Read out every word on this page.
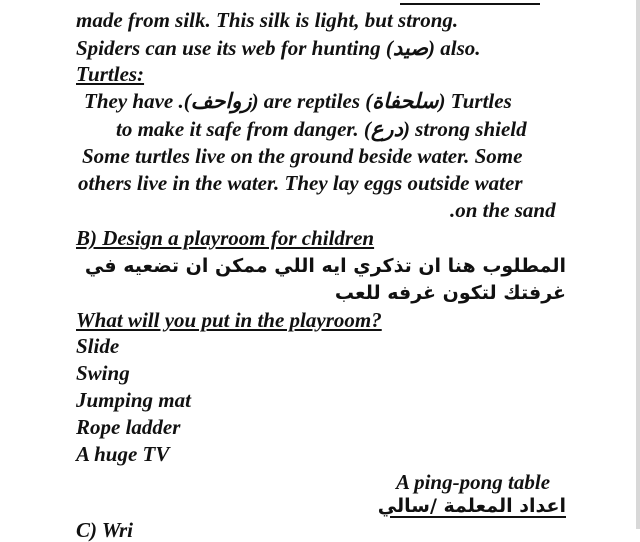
made from silk. This silk is light, but strong.
Spiders can use its web for hunting (صيد) also.
Turtles:
They have .(زواحف) are reptiles (سلحفاة) Turtles
to make it safe from danger. (درع) strong shield
Some turtles live on the ground beside water. Some
others live in the water. They lay eggs outside water
.on the sand
B) Design a playroom for children
المطلوب هنا ان تذكري ايه اللي ممكن ان تضعيه في
غرفتك لتكون غرفه للعب
What will you put in the playroom?
Slide
Swing
Jumping mat
Rope ladder
A huge TV
A ping-pong table
اعداد المعلمة /سالي
C) Wri
